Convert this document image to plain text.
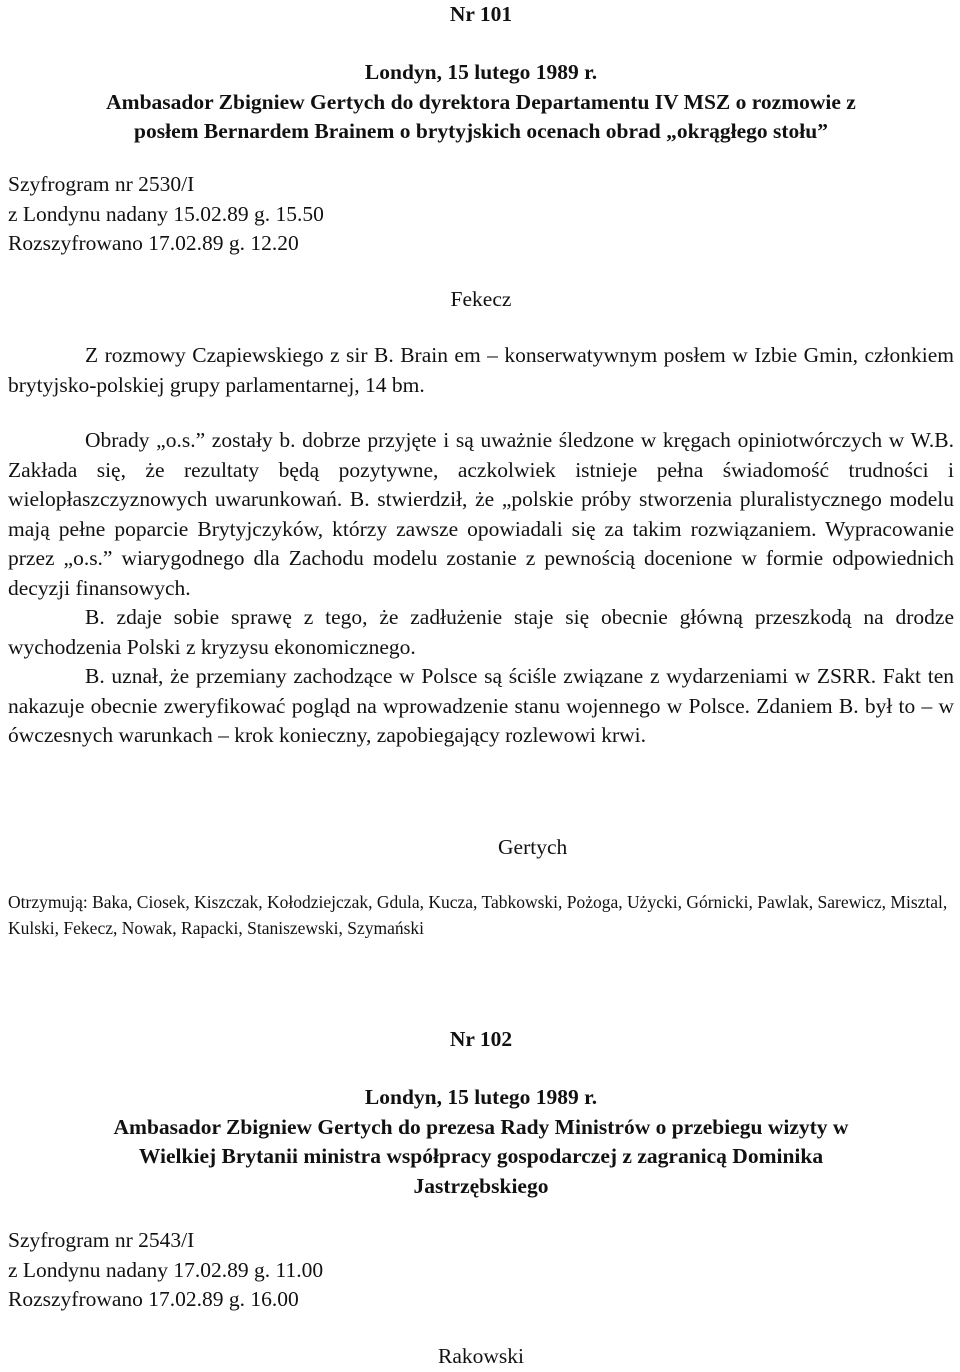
Nr 101

Londyn, 15 lutego 1989 r.

Ambasador Zbigniew Gertych do dyrektora Departamentu IV MSZ o rozmowie z

posłem Bernardem Brainem o brytyjskich ocenach obrad „okrągłego stołu”

Szyfrogram nr 2530/I

z Londynu nadany 15.02.89 g. 15.50

Rozszyfrowano 17.02.89 g. 12.20

Fekecz

Z rozmowy Czapiewskiego z sir B. Brain em – konserwatywnym posłem w Izbie Gmin, członkiem brytyjsko-polskiej grupy parlamentarnej, 14 bm.

Obrady „o.s.” zostały b. dobrze przyjęte i są uważnie śledzone w kręgach opiniotwórczych w W.B. Zakłada się, że rezultaty będą pozytywne, aczkolwiek istnieje pełna świadomość trudności i wielopłaszczyznowych uwarunkowań. B. stwierdził, że „polskie próby stworzenia pluralistycznego modelu mają pełne poparcie Brytyjczyków, którzy zawsze opowiadali się za takim rozwiązaniem. Wypracowanie przez „o.s.” wiarygodnego dla Zachodu modelu zostanie z pewnością docenione w formie odpowiednich decyzji finansowych.

B. zdaje sobie sprawę z tego, że zadłużenie staje się obecnie główną przeszkodą na drodze wychodzenia Polski z kryzysu ekonomicznego.

B. uznał, że przemiany zachodzące w Polsce są ściśle związane z wydarzeniami w ZSRR. Fakt ten nakazuje obecnie zweryfikować pogląd na wprowadzenie stanu wojennego w Polsce. Zdaniem B. był to – w ówczesnych warunkach – krok konieczny, zapobiegający rozlewowi krwi.

Gertych

Otrzymują: Baka, Ciosek, Kiszczak, Kołodziejczak, Gdula, Kucza, Tabkowski, Pożoga, Użycki, Górnicki, Pawlak, Sarewicz, Misztal, Kulski, Fekecz, Nowak, Rapacki, Staniszewski, Szymański

Nr 102

Londyn, 15 lutego 1989 r.

Ambasador Zbigniew Gertych do prezesa Rady Ministrów o przebiegu wizyty w

Wielkiej Brytanii ministra współpracy gospodarczej z zagranicą Dominika

Jastrzębskiego

Szyfrogram nr 2543/I

z Londynu nadany 17.02.89 g. 11.00

Rozszyfrowano 17.02.89 g. 16.00

Rakowski
